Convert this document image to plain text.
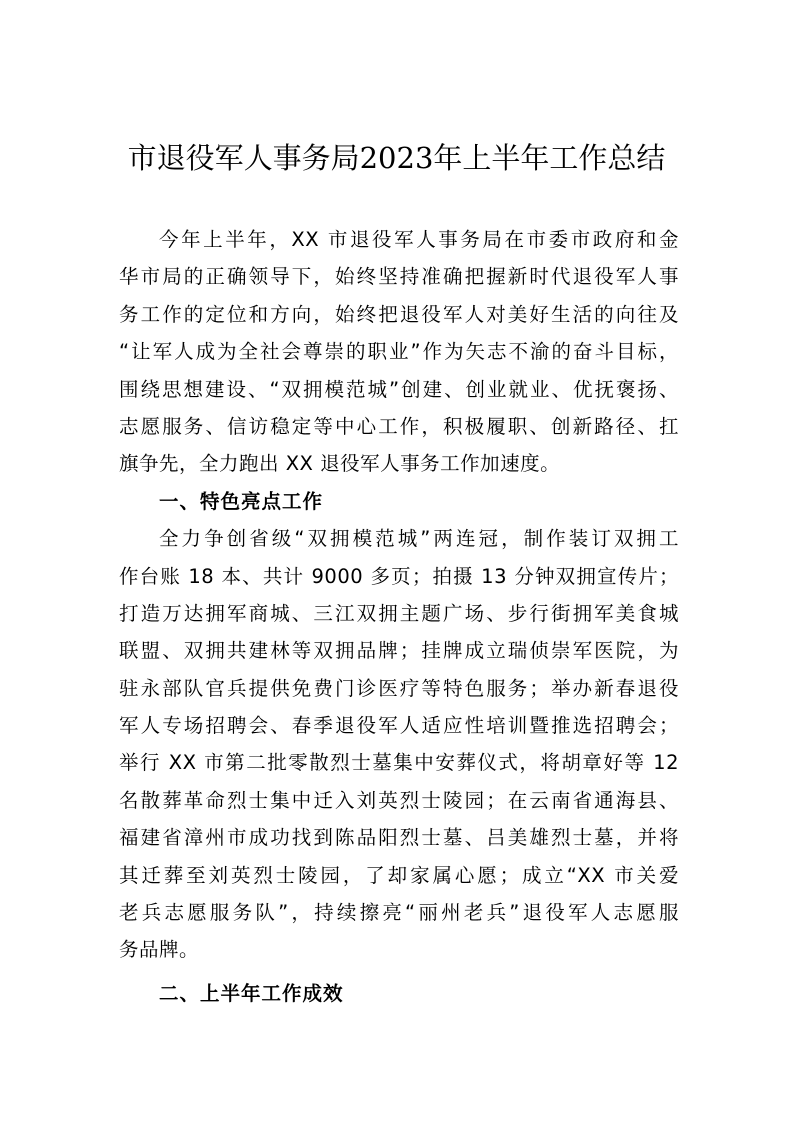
市退役军人事务局2023年上半年工作总结
今年上半年，XX 市退役军人事务局在市委市政府和金
华市局的正确领导下，始终坚持准确把握新时代退役军人事
务工作的定位和方向，始终把退役军人对美好生活的向往及
“让军人成为全社会尊崇的职业”作为矢志不渝的奋斗目标，
围绕思想建设、“双拥模范城”创建、创业就业、优抚褒扬、
志愿服务、信访稳定等中心工作，积极履职、创新路径、扛
旗争先，全力跑出 XX 退役军人事务工作加速度。
一、特色亮点工作
全力争创省级“双拥模范城”两连冠，制作装订双拥工
作台账 18 本、共计 9000 多页；拍摄 13 分钟双拥宣传片；
打造万达拥军商城、三江双拥主题广场、步行街拥军美食城
联盟、双拥共建林等双拥品牌；挂牌成立瑞侦崇军医院，为
驻永部队官兵提供免费门诊医疗等特色服务；举办新春退役
军人专场招聘会、春季退役军人适应性培训暨推选招聘会；
举行 XX 市第二批零散烈士墓集中安葬仪式，将胡章好等 12
名散葬革命烈士集中迁入刘英烈士陵园；在云南省通海县、
福建省漳州市成功找到陈品阳烈士墓、吕美雄烈士墓，并将
其迁葬至刘英烈士陵园，了却家属心愿；成立“XX 市关爱
老兵志愿服务队”，持续擦亮“丽州老兵”退役军人志愿服
务品牌。
二、上半年工作成效
